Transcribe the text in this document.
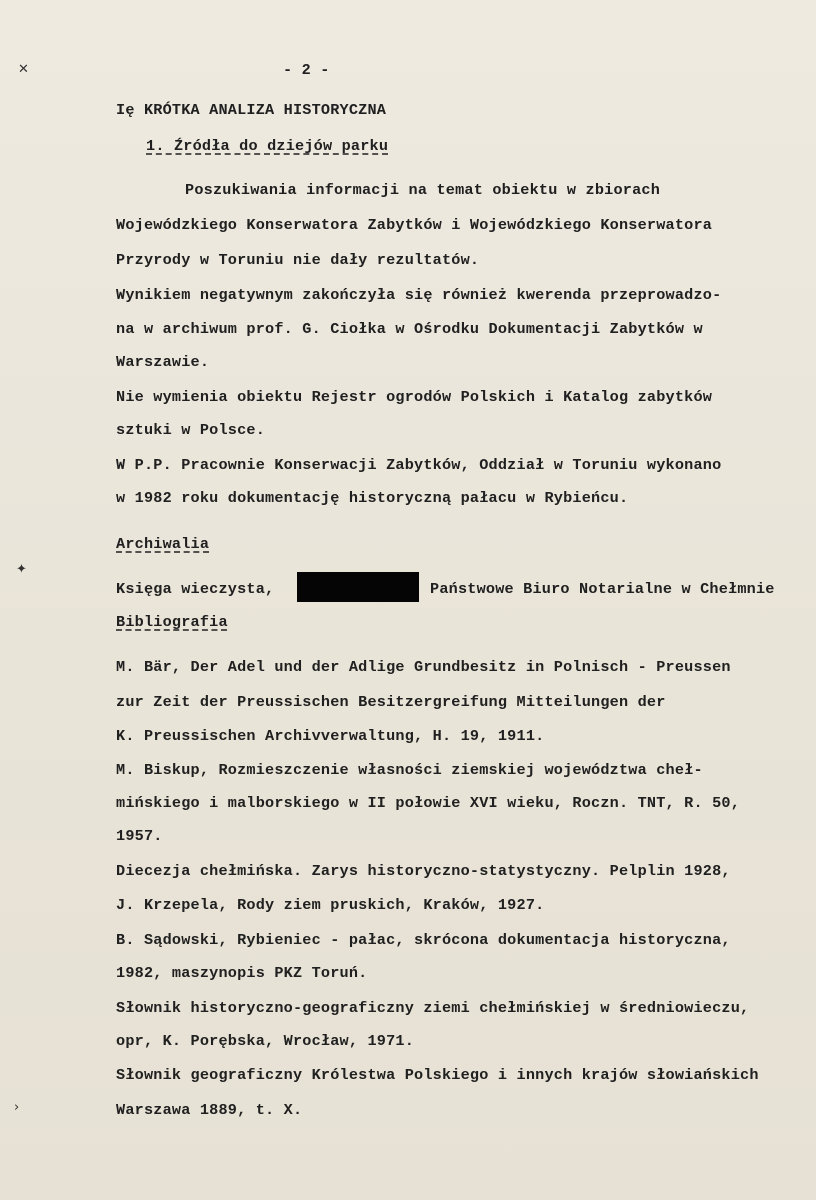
✕
✦
›
- 2 -
Ię KRÓTKA ANALIZA HISTORYCZNA
1. Źródła do dziejów parku
Poszukiwania informacji na temat obiektu w zbiorach
Wojewódzkiego Konserwatora Zabytków i Wojewódzkiego Konserwatora
Przyrody w Toruniu nie dały rezultatów.
Wynikiem negatywnym zakończyła się również kwerenda przeprowadzo-
na w archiwum prof. G. Ciołka w Ośrodku Dokumentacji Zabytków w
Warszawie.
Nie wymienia obiektu Rejestr ogrodów Polskich i Katalog zabytków
sztuki w Polsce.
W P.P. Pracownie Konserwacji Zabytków, Oddział w Toruniu wykonano
w 1982 roku dokumentację historyczną pałacu w Rybieńcu.
Archiwalia
Księga wieczysta,	Państwowe Biuro Notarialne w Chełmnie
Bibliografia
M. Bär, Der Adel und der Adlige Grundbesitz in Polnisch - Preussen
zur Zeit der Preussischen Besitzergreifung Mitteilungen der
K. Preussischen Archivverwaltung, H. 19, 1911.
M. Biskup, Rozmieszczenie własności ziemskiej województwa cheł-
mińskiego i malborskiego w II połowie XVI wieku, Roczn. TNT, R. 50,
1957.
Diecezja chełmińska. Zarys historyczno-statystyczny. Pelplin 1928,
J. Krzepela, Rody ziem pruskich, Kraków, 1927.
B. Sądowski, Rybieniec - pałac, skrócona dokumentacja historyczna,
1982, maszynopis PKZ Toruń.
Słownik historyczno-geograficzny ziemi chełmińskiej w średniowieczu,
opr, K. Porębska, Wrocław, 1971.
Słownik geograficzny Królestwa Polskiego i innych krajów słowiańskich
Warszawa 1889, t. X.
